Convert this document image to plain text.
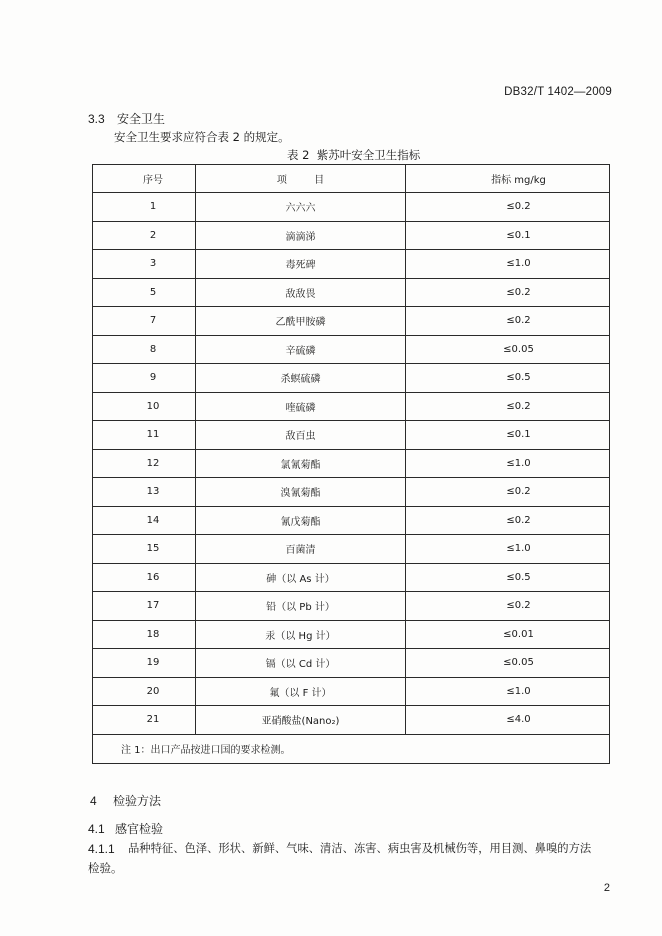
DB32/T 1402—2009
3.3 安全卫生
安全卫生要求应符合表 2 的规定。
表 2  紫苏叶安全卫生指标
序号	项 目	指标 mg/kg
1	六六六	≤0.2
2	滴滴涕	≤0.1
3	毒死碑	≤1.0
5	敌敌畏	≤0.2
7	乙酰甲胺磷	≤0.2
8	辛硫磷	≤0.05
9	杀螟硫磷	≤0.5
10	喹硫磷	≤0.2
11	敌百虫	≤0.1
12	氯氰菊酯	≤1.0
13	溴氰菊酯	≤0.2
14	氰戊菊酯	≤0.2
15	百菌清	≤1.0
16	砷（以 As 计）	≤0.5
17	铅（以 Pb 计）	≤0.2
18	汞（以 Hg 计）	≤0.01
19	镉（以 Cd 计）	≤0.05
20	氟（以 F 计）	≤1.0
21	亚硝酸盐(Nano₂)	≤4.0
注 1：出口产品按进口国的要求检测。		
4 检验方法
4.1 感官检验
4.1.1 品种特征、色泽、形状、新鲜、气味、清洁、冻害、病虫害及机械伤等，用目测、鼻嗅的方法
检验。
2
